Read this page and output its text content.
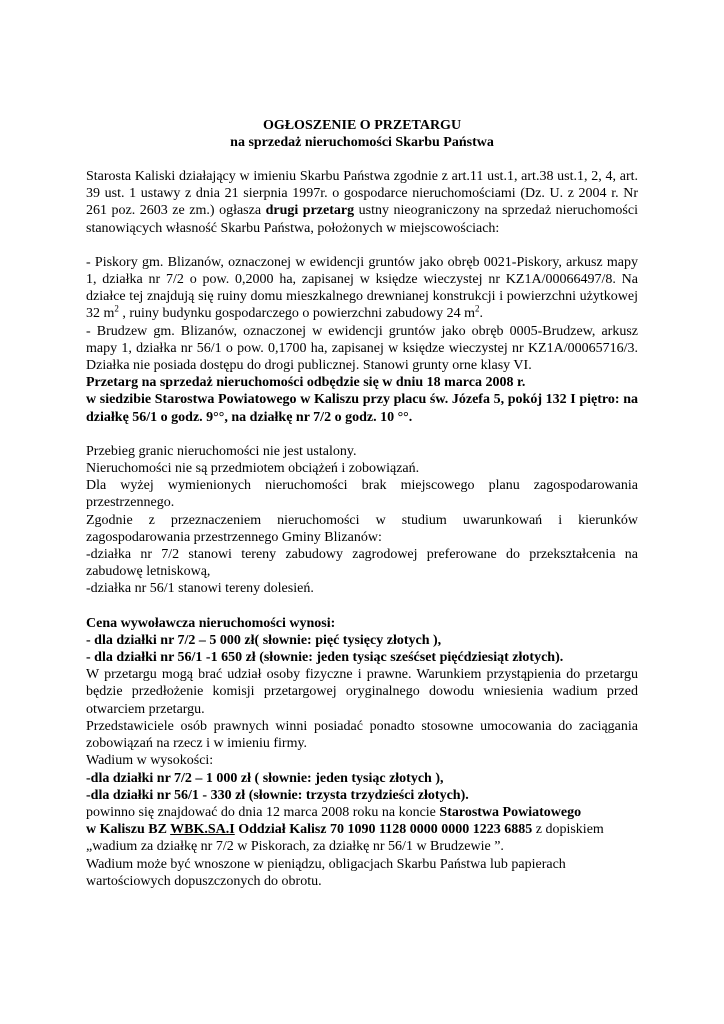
OGŁOSZENIE O PRZETARGU

na sprzedaż nieruchomości Skarbu Państwa

Starosta Kaliski działający w imieniu Skarbu Państwa zgodnie z art.11 ust.1, art.38 ust.1, 2, 4, art. 39 ust. 1 ustawy z dnia 21 sierpnia 1997r. o gospodarce nieruchomościami (Dz. U. z 2004 r. Nr 261 poz. 2603 ze zm.) ogłasza drugi przetarg ustny nieograniczony na sprzedaż nieruchomości stanowiących własność Skarbu Państwa, położonych w miejscowościach:

- Piskory gm. Blizanów, oznaczonej w ewidencji gruntów jako obręb 0021-Piskory, arkusz mapy 1, działka nr 7/2 o pow. 0,2000 ha, zapisanej w księdze wieczystej nr KZ1A/00066497/8. Na działce tej znajdują się ruiny domu mieszkalnego drewnianej konstrukcji i powierzchni użytkowej 32 $m^2$ , ruiny budynku gospodarczego o powierzchni zabudowy 24 $m^2$.

- Brudzew gm. Blizanów, oznaczonej w ewidencji gruntów jako obręb 0005-Brudzew, arkusz mapy 1, działka nr 56/1 o pow. 0,1700 ha, zapisanej w księdze wieczystej nr KZ1A/00065716/3. Działka nie posiada dostępu do drogi publicznej. Stanowi grunty orne klasy VI.

Przetarg na sprzedaż nieruchomości odbędzie się w dniu 18 marca 2008 r.

w siedzibie Starostwa Powiatowego w Kaliszu przy placu św. Józefa 5, pokój 132 I piętro: na działkę 56/1 o godz. 9°°, na działkę nr 7/2 o godz. 10 °°.

Przebieg granic nieruchomości nie jest ustalony.

Nieruchomości nie są przedmiotem obciążeń i zobowiązań.

Dla wyżej wymienionych nieruchomości brak miejscowego planu zagospodarowania przestrzennego.

Zgodnie z przeznaczeniem nieruchomości w studium uwarunkowań i kierunków zagospodarowania przestrzennego Gminy Blizanów:

-działka nr 7/2 stanowi tereny zabudowy zagrodowej preferowane do przekształcenia na zabudowę letniskową,

-działka nr 56/1 stanowi tereny dolesień.

Cena wywoławcza nieruchomości wynosi:

- dla działki nr 7/2 – 5 000 zł( słownie: pięć tysięcy złotych ),

- dla działki nr 56/1 -1 650 zł (słownie: jeden tysiąc sześćset pięćdziesiąt złotych).

W przetargu mogą brać udział osoby fizyczne i prawne. Warunkiem przystąpienia do przetargu będzie przedłożenie komisji przetargowej oryginalnego dowodu wniesienia wadium przed otwarciem przetargu.

Przedstawiciele osób prawnych winni posiadać ponadto stosowne umocowania do zaciągania zobowiązań na rzecz i w imieniu firmy.

Wadium w wysokości:

-dla działki nr 7/2 – 1 000 zł ( słownie: jeden tysiąc złotych ),

-dla działki nr 56/1 - 330 zł (słownie: trzysta trzydzieści złotych).

powinno się znajdować do dnia 12 marca 2008 roku na koncie Starostwa Powiatowego
w Kaliszu BZ WBK.SA.I Oddział Kalisz 70 1090 1128 0000 0000 1223 6885 z dopiskiem
„wadium za działkę nr 7/2 w Piskorach, za działkę nr 56/1 w Brudzewie ”.

Wadium może być wnoszone w pieniądzu, obligacjach Skarbu Państwa lub papierach wartościowych dopuszczonych do obrotu.
